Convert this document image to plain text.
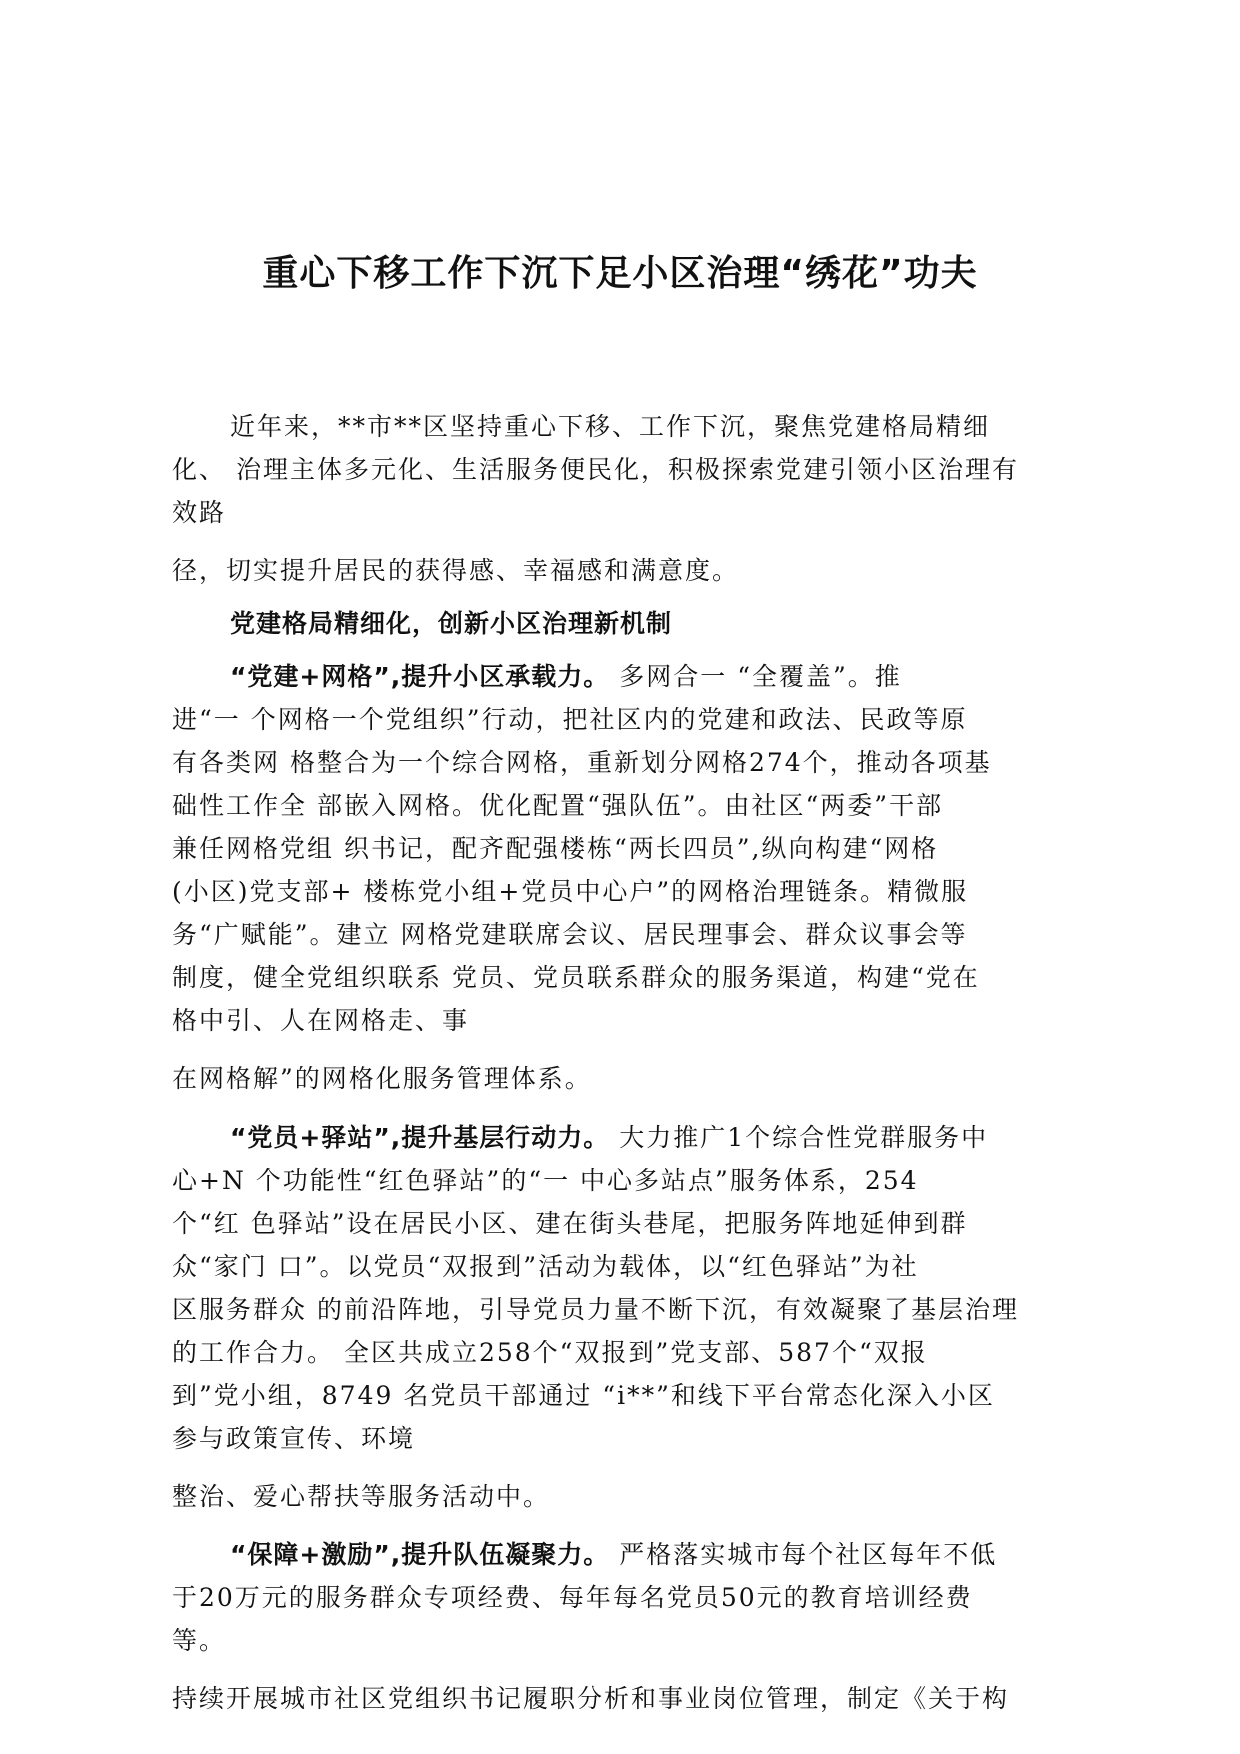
重心下移工作下沉下足小区治理“绣花”功夫
近年来，**市**区坚持重心下移、工作下沉，聚焦党建格局精细
化、 治理主体多元化、生活服务便民化，积极探索党建引领小区治理有
效路
径，切实提升居民的获得感、幸福感和满意度。
党建格局精细化，创新小区治理新机制
“党建+网格”,提升小区承载力。 多网合一 “全覆盖”。推
进“一 个网格一个党组织”行动，把社区内的党建和政法、民政等原
有各类网 格整合为一个综合网格，重新划分网格274个，推动各项基
础性工作全 部嵌入网格。优化配置“强队伍”。由社区“两委”干部
兼任网格党组 织书记，配齐配强楼栋“两长四员”,纵向构建“网格
(小区)党支部+ 楼栋党小组+党员中心户”的网格治理链条。精微服
务“广赋能”。建立 网格党建联席会议、居民理事会、群众议事会等
制度，健全党组织联系 党员、党员联系群众的服务渠道，构建“党在
格中引、人在网格走、事
在网格解”的网格化服务管理体系。
“党员+驿站”,提升基层行动力。 大力推广1个综合性党群服务中
心+N 个功能性“红色驿站”的“一 中心多站点”服务体系，254
个“红 色驿站”设在居民小区、建在街头巷尾，把服务阵地延伸到群
众“家门 口”。以党员“双报到”活动为载体，以“红色驿站”为社
区服务群众 的前沿阵地，引导党员力量不断下沉，有效凝聚了基层治理
的工作合力。 全区共成立258个“双报到”党支部、587个“双报
到”党小组，8749 名党员干部通过 “i**”和线下平台常态化深入小区
参与政策宣传、环境
整治、爱心帮扶等服务活动中。
“保障+激励”,提升队伍凝聚力。 严格落实城市每个社区每年不低
于20万元的服务群众专项经费、每年每名党员50元的教育培训经费
等。
持续开展城市社区党组织书记履职分析和事业岗位管理，制定《关于构
